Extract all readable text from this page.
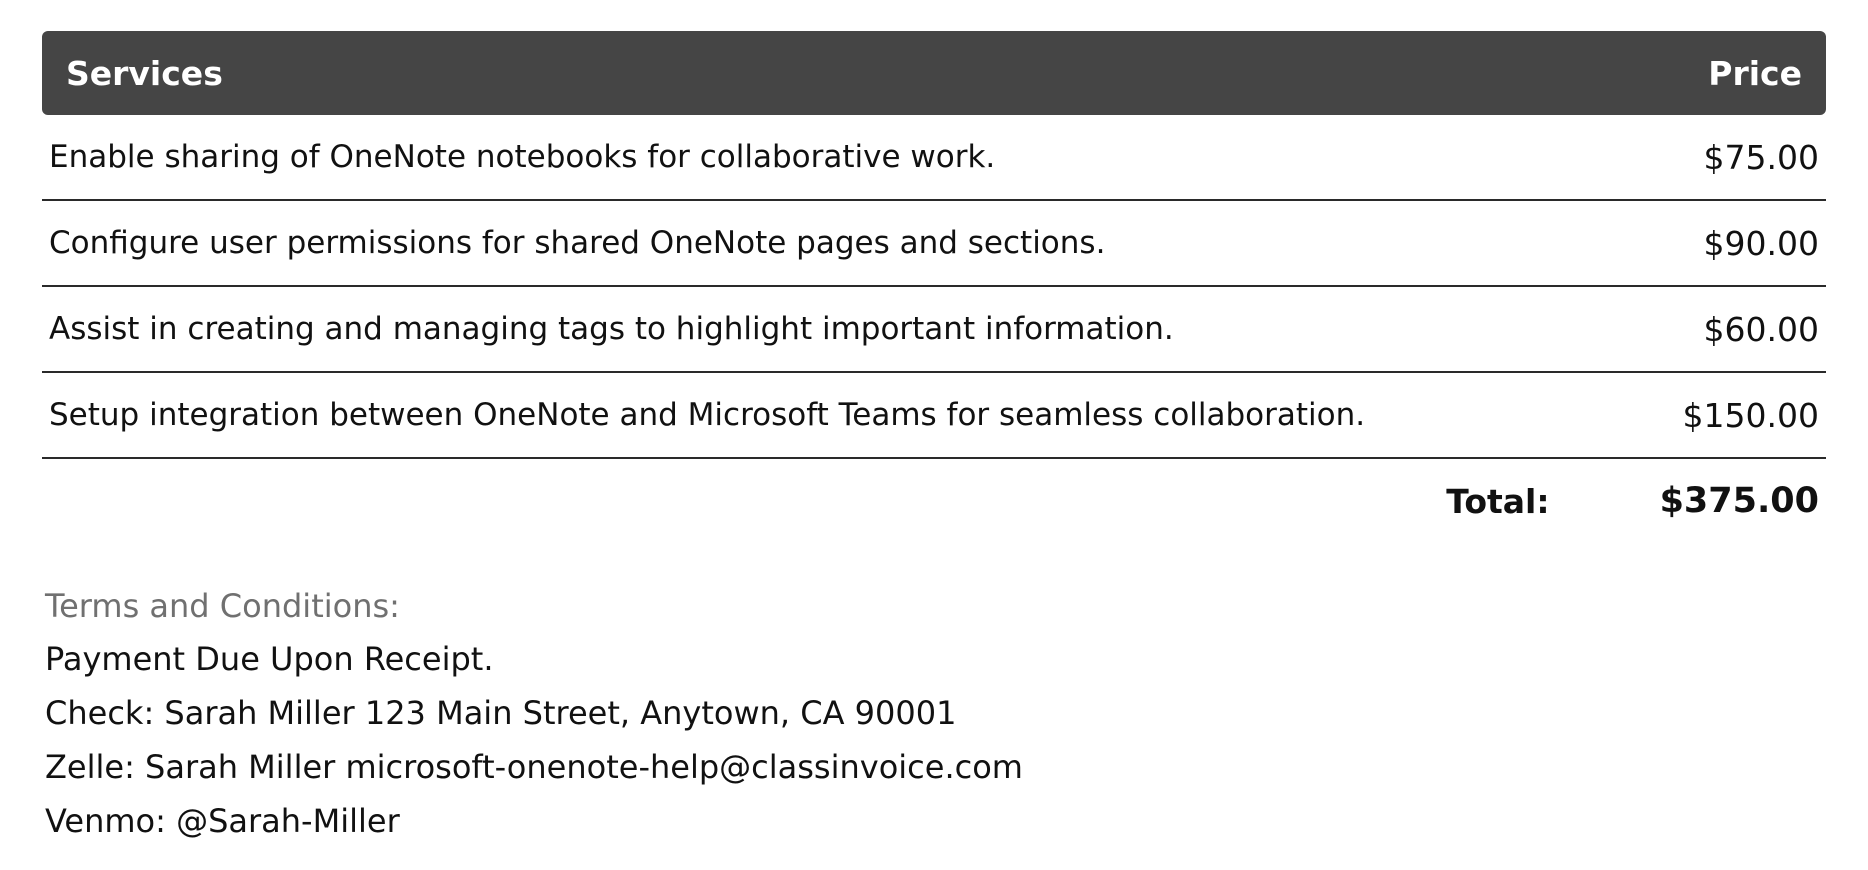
Services	Price
Enable sharing of OneNote notebooks for collaborative work.	$75.00
Configure user permissions for shared OneNote pages and sections.	$90.00
Assist in creating and managing tags to highlight important information.	$60.00
Setup integration between OneNote and Microsoft Teams for seamless collaboration.	$150.00
Total:	$375.00
Terms and Conditions:
Payment Due Upon Receipt.
Check: Sarah Miller 123 Main Street, Anytown, CA 90001
Zelle: Sarah Miller microsoft-onenote-help@classinvoice.com
Venmo: @Sarah-Miller
